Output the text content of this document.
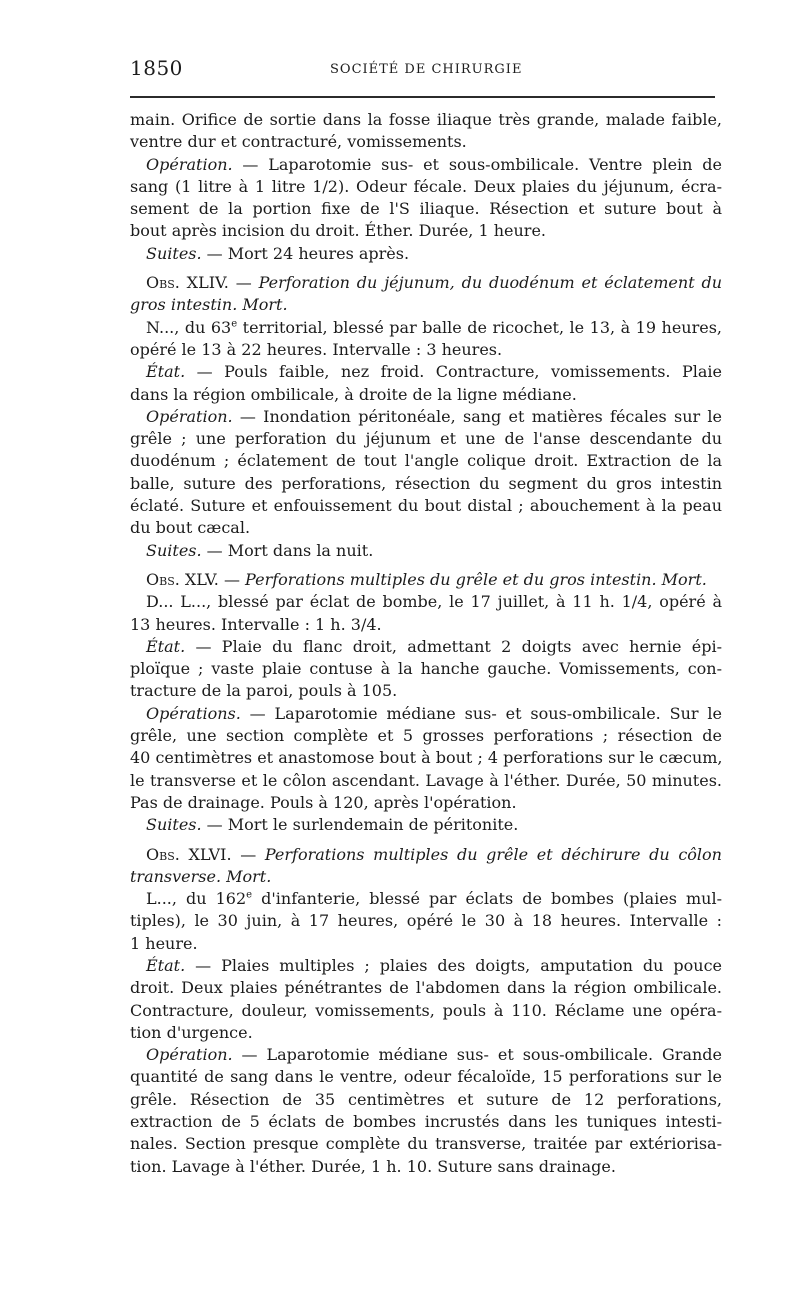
1850	SOCIÉTÉ DE CHIRURGIE
main. Orifice de sortie dans la fosse iliaque très grande, malade faible,
ventre dur et contracturé, vomissements.
 Opération. — Laparotomie sus- et sous-ombilicale. Ventre plein de
sang (1 litre à 1 litre 1/2). Odeur fécale. Deux plaies du jéjunum, écra-
sement de la portion fixe de l'S iliaque. Résection et suture bout à
bout après incision du droit. Éther. Durée, 1 heure.
 Suites. — Mort 24 heures après.
 Obs. XLIV. — Perforation du jéjunum, du duodénum et éclatement du
gros intestin. Mort.
 N..., du 63e territorial, blessé par balle de ricochet, le 13, à 19 heures,
opéré le 13 à 22 heures. Intervalle : 3 heures.
 État. — Pouls faible, nez froid. Contracture, vomissements. Plaie
dans la région ombilicale, à droite de la ligne médiane.
 Opération. — Inondation péritonéale, sang et matières fécales sur le
grêle ; une perforation du jéjunum et une de l'anse descendante du
duodénum ; éclatement de tout l'angle colique droit. Extraction de la
balle, suture des perforations, résection du segment du gros intestin
éclaté. Suture et enfouissement du bout distal ; abouchement à la peau
du bout cæcal.
 Suites. — Mort dans la nuit.
 Obs. XLV. — Perforations multiples du grêle et du gros intestin. Mort.
 D... L..., blessé par éclat de bombe, le 17 juillet, à 11 h. 1/4, opéré à
13 heures. Intervalle : 1 h. 3/4.
 État. — Plaie du flanc droit, admettant 2 doigts avec hernie épi-
ploïque ; vaste plaie contuse à la hanche gauche. Vomissements, con-
tracture de la paroi, pouls à 105.
 Opérations. — Laparotomie médiane sus- et sous-ombilicale. Sur le
grêle, une section complète et 5 grosses perforations ; résection de
40 centimètres et anastomose bout à bout ; 4 perforations sur le cæcum,
le transverse et le côlon ascendant. Lavage à l'éther. Durée, 50 minutes.
Pas de drainage. Pouls à 120, après l'opération.
 Suites. — Mort le surlendemain de péritonite.
 Obs. XLVI. — Perforations multiples du grêle et déchirure du côlon
transverse. Mort.
 L..., du 162e d'infanterie, blessé par éclats de bombes (plaies mul-
tiples), le 30 juin, à 17 heures, opéré le 30 à 18 heures. Intervalle :
1 heure.
 État. — Plaies multiples ; plaies des doigts, amputation du pouce
droit. Deux plaies pénétrantes de l'abdomen dans la région ombilicale.
Contracture, douleur, vomissements, pouls à 110. Réclame une opéra-
tion d'urgence.
 Opération. — Laparotomie médiane sus- et sous-ombilicale. Grande
quantité de sang dans le ventre, odeur fécaloïde, 15 perforations sur le
grêle. Résection de 35 centimètres et suture de 12 perforations,
extraction de 5 éclats de bombes incrustés dans les tuniques intesti-
nales. Section presque complète du transverse, traitée par extériorisa-
tion. Lavage à l'éther. Durée, 1 h. 10. Suture sans drainage.
